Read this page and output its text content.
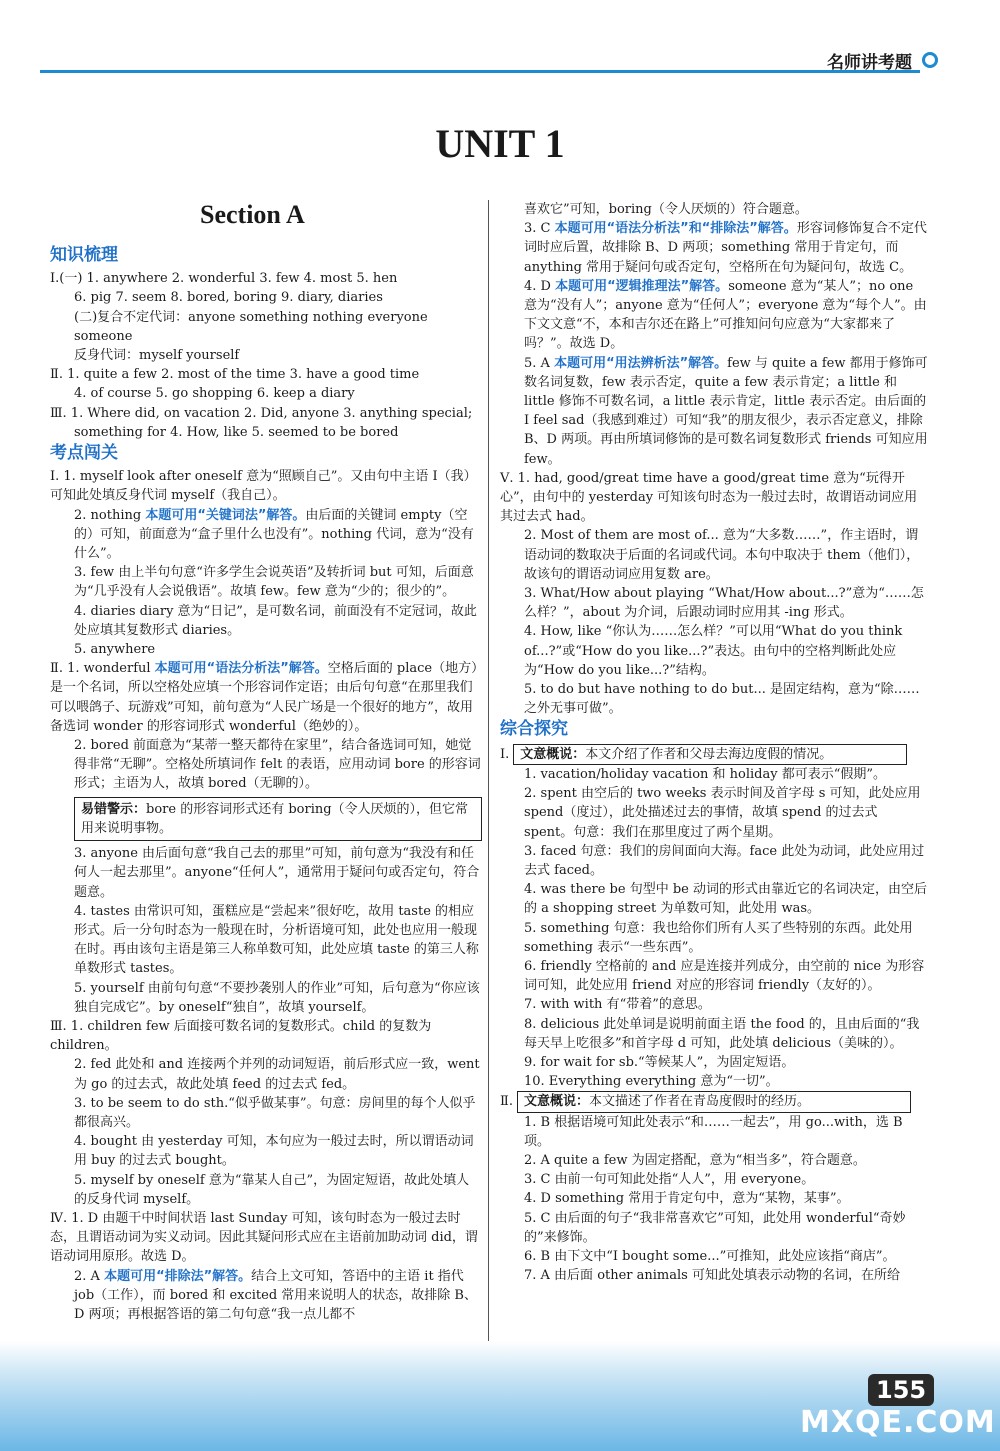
名师讲考题
UNIT 1
Section A
知识梳理
Ⅰ.(一) 1. anywhere 2. wonderful 3. few 4. most 5. hen
6. pig 7. seem 8. bored, boring 9. diary, diaries
(二)复合不定代词：anyone something nothing everyone
someone
反身代词：myself yourself
Ⅱ. 1. quite a few 2. most of the time 3. have a good time
4. of course 5. go shopping 6. keep a diary
Ⅲ. 1. Where did, on vacation 2. Did, anyone 3. anything special;
something for 4. How, like 5. seemed to be bored
考点闯关
Ⅰ. 1. myself look after oneself 意为“照顾自己”。又由句中主语 I（我）可知此处填反身代词 myself（我自己）。
2. nothing 本题可用“关键词法”解答。由后面的关键词 empty（空的）可知，前面意为“盒子里什么也没有”。nothing 代词，意为“没有什么”。
3. few 由上半句句意“许多学生会说英语”及转折词 but 可知，后面意为“几乎没有人会说俄语”。故填 few。few 意为“少的；很少的”。
4. diaries diary 意为“日记”，是可数名词，前面没有不定冠词，故此处应填其复数形式 diaries。
5. anywhere
Ⅱ. 1. wonderful 本题可用“语法分析法”解答。空格后面的 place（地方）是一个名词，所以空格处应填一个形容词作定语；由后句句意“在那里我们可以喂鸽子、玩游戏”可知，前句意为“人民广场是一个很好的地方”，故用备选词 wonder 的形容词形式 wonderful（绝妙的）。
2. bored 前面意为“某蒂一整天都待在家里”，结合备选词可知，她觉得非常“无聊”。空格处所填词作 felt 的表语，应用动词 bore 的形容词形式；主语为人，故填 bored（无聊的）。
易错警示：bore 的形容词形式还有 boring（令人厌烦的），但它常用来说明事物。
3. anyone 由后面句意“我自己去的那里”可知，前句意为“我没有和任何人一起去那里”。anyone“任何人”，通常用于疑问句或否定句，符合题意。
4. tastes 由常识可知，蛋糕应是“尝起来”很好吃，故用 taste 的相应形式。后一分句时态为一般现在时，分析语境可知，此处也应用一般现在时。再由该句主语是第三人称单数可知，此处应填 taste 的第三人称单数形式 tastes。
5. yourself 由前句句意“不要抄袭别人的作业”可知，后句意为“你应该独自完成它”。by oneself“独自”，故填 yourself。
Ⅲ. 1. children few 后面接可数名词的复数形式。child 的复数为 children。
2. fed 此处和 and 连接两个并列的动词短语，前后形式应一致，went 为 go 的过去式，故此处填 feed 的过去式 fed。
3. to be seem to do sth.“似乎做某事”。句意：房间里的每个人似乎都很高兴。
4. bought 由 yesterday 可知，本句应为一般过去时，所以谓语动词用 buy 的过去式 bought。
5. myself by oneself 意为“靠某人自己”，为固定短语，故此处填人的反身代词 myself。
Ⅳ. 1. D 由题干中时间状语 last Sunday 可知，该句时态为一般过去时态，且谓语动词为实义动词。因此其疑问形式应在主语前加助动词 did，谓语动词用原形。故选 D。
2. A 本题可用“排除法”解答。结合上文可知，答语中的主语 it 指代 job（工作），而 bored 和 excited 常用来说明人的状态，故排除 B、D 两项；再根据答语的第二句句意“我一点儿都不
喜欢它”可知，boring（令人厌烦的）符合题意。
3. C 本题可用“语法分析法”和“排除法”解答。形容词修饰复合不定代词时应后置，故排除 B、D 两项；something 常用于肯定句，而 anything 常用于疑问句或否定句，空格所在句为疑问句，故选 C。
4. D 本题可用“逻辑推理法”解答。someone 意为“某人”；no one 意为“没有人”；anyone 意为“任何人”；everyone 意为“每个人”。由下文文意“不，本和吉尔还在路上”可推知问句应意为“大家都来了吗？”。故选 D。
5. A 本题可用“用法辨析法”解答。few 与 quite a few 都用于修饰可数名词复数，few 表示否定，quite a few 表示肯定；a little 和 little 修饰不可数名词，a little 表示肯定，little 表示否定。由后面的 I feel sad（我感到难过）可知“我”的朋友很少，表示否定意义，排除 B、D 两项。再由所填词修饰的是可数名词复数形式 friends 可知应用 few。
Ⅴ. 1. had, good/great time have a good/great time 意为“玩得开心”，由句中的 yesterday 可知该句时态为一般过去时，故谓语动词应用其过去式 had。
2. Most of them are most of... 意为“大多数……”，作主语时，谓语动词的数取决于后面的名词或代词。本句中取决于 them（他们），故该句的谓语动词应用复数 are。
3. What/How about playing “What/How about...?”意为“……怎么样？”，about 为介词，后跟动词时应用其 -ing 形式。
4. How, like “你认为……怎么样？”可以用“What do you think of...?”或“How do you like...?”表达。由句中的空格判断此处应为“How do you like...?”结构。
5. to do but have nothing to do but... 是固定结构，意为“除……之外无事可做”。
综合探究
Ⅰ. 文意概说：本文介绍了作者和父母去海边度假的情况。
1. vacation/holiday vacation 和 holiday 都可表示“假期”。
2. spent 由空后的 two weeks 表示时间及首字母 s 可知，此处应用 spend（度过），此处描述过去的事情，故填 spend 的过去式 spent。句意：我们在那里度过了两个星期。
3. faced 句意：我们的房间面向大海。face 此处为动词，此处应用过去式 faced。
4. was there be 句型中 be 动词的形式由靠近它的名词决定，由空后的 a shopping street 为单数可知，此处用 was。
5. something 句意：我也给你们所有人买了些特别的东西。此处用 something 表示“一些东西”。
6. friendly 空格前的 and 应是连接并列成分，由空前的 nice 为形容词可知，此处应用 friend 对应的形容词 friendly（友好的）。
7. with with 有“带着”的意思。
8. delicious 此处单词是说明前面主语 the food 的，且由后面的“我每天早上吃很多”和首字母 d 可知，此处填 delicious（美味的）。
9. for wait for sb.“等候某人”，为固定短语。
10. Everything everything 意为“一切”。
Ⅱ. 文意概说：本文描述了作者在青岛度假时的经历。
1. B 根据语境可知此处表示“和……一起去”，用 go...with，选 B 项。
2. A quite a few 为固定搭配，意为“相当多”，符合题意。
3. C 由前一句可知此处指“人人”，用 everyone。
4. D something 常用于肯定句中，意为“某物，某事”。
5. C 由后面的句子“我非常喜欢它”可知，此处用 wonderful“奇妙的”来修饰。
6. B 由下文中“I bought some...”可推知，此处应该指“商店”。
7. A 由后面 other animals 可知此处填表示动物的名词，在所给
155
MXQE.COM
